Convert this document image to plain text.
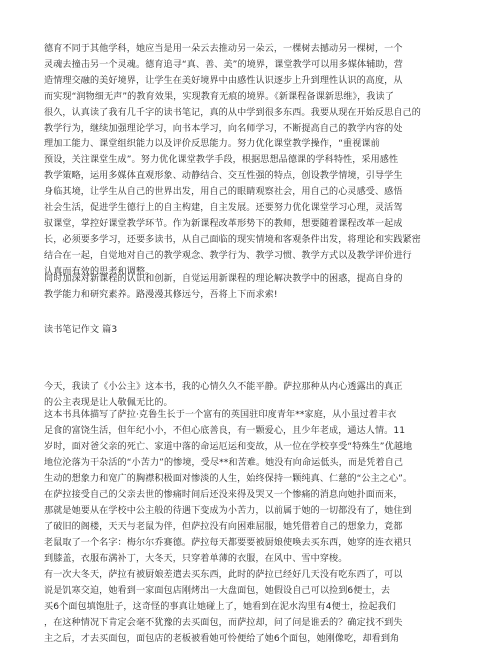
德育不同于其他学科，她应当是用一朵云去推动另一朵云，一棵树去撼动另一棵树，一个
灵魂去撞击另一个灵魂。德育追寻“真、善、美”的境界，课堂教学可以用多媒体辅助，营
造情理交融的美好境界，让学生在美好境界中由感性认识逐步上升到理性认识的高度，从
而实现“润物细无声”的教育效果，实现教育无痕的境界。《新课程备课新思维》，我读了
很久，认真读了我有几千字的读书笔记，真的从中学到很多东西。我要从现在开始反思自己的
教学行为，继续加强理论学习，向书本学习，向名师学习，不断提高自己的教学内容的处
理加工能力、课堂组织能力以及评价反思能力。努力优化课堂教学操作，“重视课前
预设，关注课堂生成”。努力优化课堂教学手段，根据思想品德课的学科特性，采用感性
教学策略，运用多媒体直观形象、动静结合、交互性强的特点，创设教学情境，引导学生
身临其境，让学生从自己的世界出发，用自己的眼睛观察社会，用自己的心灵感受、感悟
社会生活，促进学生德行上的自主构建，自主发展。还要努力优化课堂学习心理，灵活驾
驭课堂，掌控好课堂教学环节。作为新课程改革形势下的教师，想要随着课程改革一起成
长，必须要多学习，还要多读书，从自己面临的现实情境和客观条件出发，将理论和实践紧密
结合在一起，自觉地对自己的教学观念、教学行为、教学习惯、教学方式以及教学评价进行
认真而有效的思考和调整。
同时加深对新课程的认识和创新，自觉运用新课程的理论解决教学中的困惑，提高自身的
教学能力和研究素养。路漫漫其修远兮，吾将上下而求索!
读书笔记作文 篇3
今天，我读了《小公主》这本书，我的心情久久不能平静。萨拉那种从内心透露出的真正
的公主表现是让人敬佩无比的。
这本书具体描写了萨拉·克鲁生长于一个富有的英国驻印度青年**家庭，从小虽过着丰衣
足食的富饶生活，但年纪小小，不但心底善良，有一颗爱心，且少年老成，通达人情。11
岁时，面对爸父亲的死亡、家道中落的命运厄运和变故，从一位在学校享受“特殊生”优越地
地位沦落为干杂活的“小苦力”的惨境，受尽**和苦难。她没有向命运低头，而是凭着自己
生动的想象力和宽广的胸襟积极面对惨淡的人生，始终保持一颗纯真、仁慈的“公主之心”。
在萨拉接受自己的父亲去世的惨痛时间后还没来得及哭又一个惨痛的消息向她扑面而来，
那就是她要从在学校中公主般的待遇下变成为小苦力，以前属于她的一切都没有了，她住到
了破旧的阁楼，天天与老鼠为伴，但萨拉没有向困难屈服，她凭借着自己的想象力，竟都
老鼠取了一个名字：梅尔尔乔赛德。萨拉每天都要要被厨娘使唤去买东西，她穿的连衣裙只
到膝盖，衣服布满补丁，大冬天，只穿着单薄的衣服，在风中、雪中穿梭。
有一次大冬天，萨拉有被厨娘差遣去买东西，此时的萨拉已经好几天没有吃东西了，可以
说是饥寒交迫，她看到一家面包店刚烤出一大盘面包，她假设自己可以捡到6便士，去
买6个面包填饱肚子，这奇怪的事真让她碰上了，她看到在泥水沟里有4便士，捡起我们
，在这种情况下肯定会毫不犹豫的去买面包，而萨拉却，问了问是谁丢的？确定找不到失
主之后，才去买面包，面包店的老板被看她可怜便给了她6个面包，她刚像吃，却看到角
